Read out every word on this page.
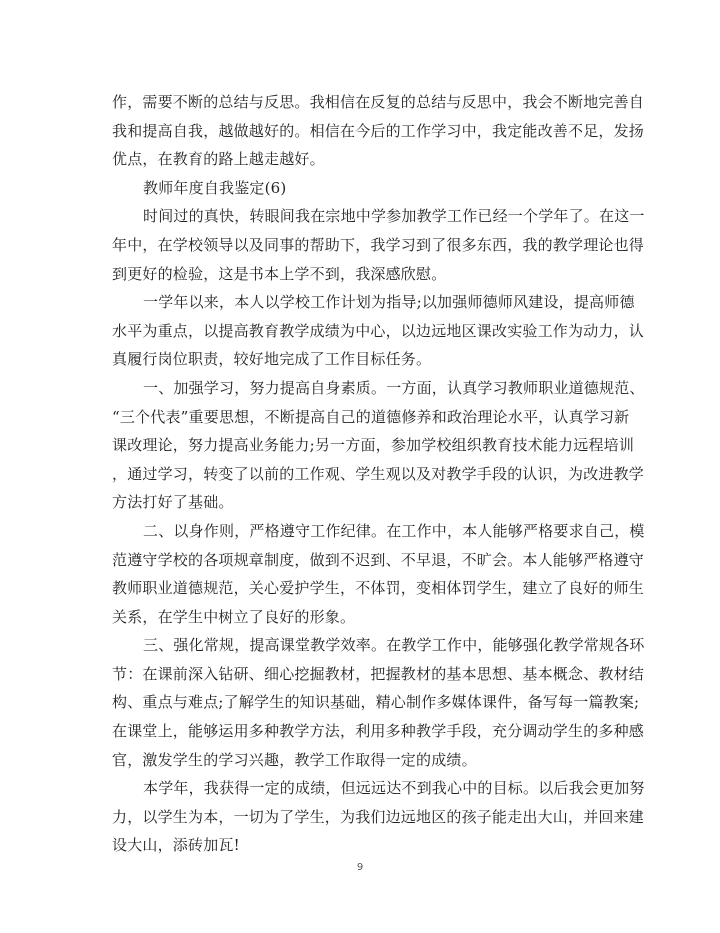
作，需要不断的总结与反思。我相信在反复的总结与反思中，我会不断地完善自
我和提高自我，越做越好的。相信在今后的工作学习中，我定能改善不足，发扬
优点，在教育的路上越走越好。
教师年度自我鉴定(6)
时间过的真快，转眼间我在宗地中学参加教学工作已经一个学年了。在这一
年中，在学校领导以及同事的帮助下，我学习到了很多东西，我的教学理论也得
到更好的检验，这是书本上学不到，我深感欣慰。
一学年以来，本人以学校工作计划为指导;以加强师德师风建设，提高师德
水平为重点，以提高教育教学成绩为中心，以边远地区课改实验工作为动力，认
真履行岗位职责，较好地完成了工作目标任务。
一、加强学习，努力提高自身素质。一方面，认真学习教师职业道德规范、
“三个代表”重要思想，不断提高自己的道德修养和政治理论水平，认真学习新
课改理论，努力提高业务能力;另一方面，参加学校组织教育技术能力远程培训
，通过学习，转变了以前的工作观、学生观以及对教学手段的认识，为改进教学
方法打好了基础。
二、以身作则，严格遵守工作纪律。在工作中，本人能够严格要求自己，模
范遵守学校的各项规章制度，做到不迟到、不早退，不旷会。本人能够严格遵守
教师职业道德规范，关心爱护学生，不体罚，变相体罚学生，建立了良好的师生
关系，在学生中树立了良好的形象。
三、强化常规，提高课堂教学效率。在教学工作中，能够强化教学常规各环
节：在课前深入钻研、细心挖掘教材，把握教材的基本思想、基本概念、教材结
构、重点与难点;了解学生的知识基础，精心制作多媒体课件，备写每一篇教案;
在课堂上，能够运用多种教学方法，利用多种教学手段，充分调动学生的多种感
官，激发学生的学习兴趣，教学工作取得一定的成绩。
本学年，我获得一定的成绩，但远远达不到我心中的目标。以后我会更加努
力，以学生为本，一切为了学生，为我们边远地区的孩子能走出大山，并回来建
设大山，添砖加瓦!
9
